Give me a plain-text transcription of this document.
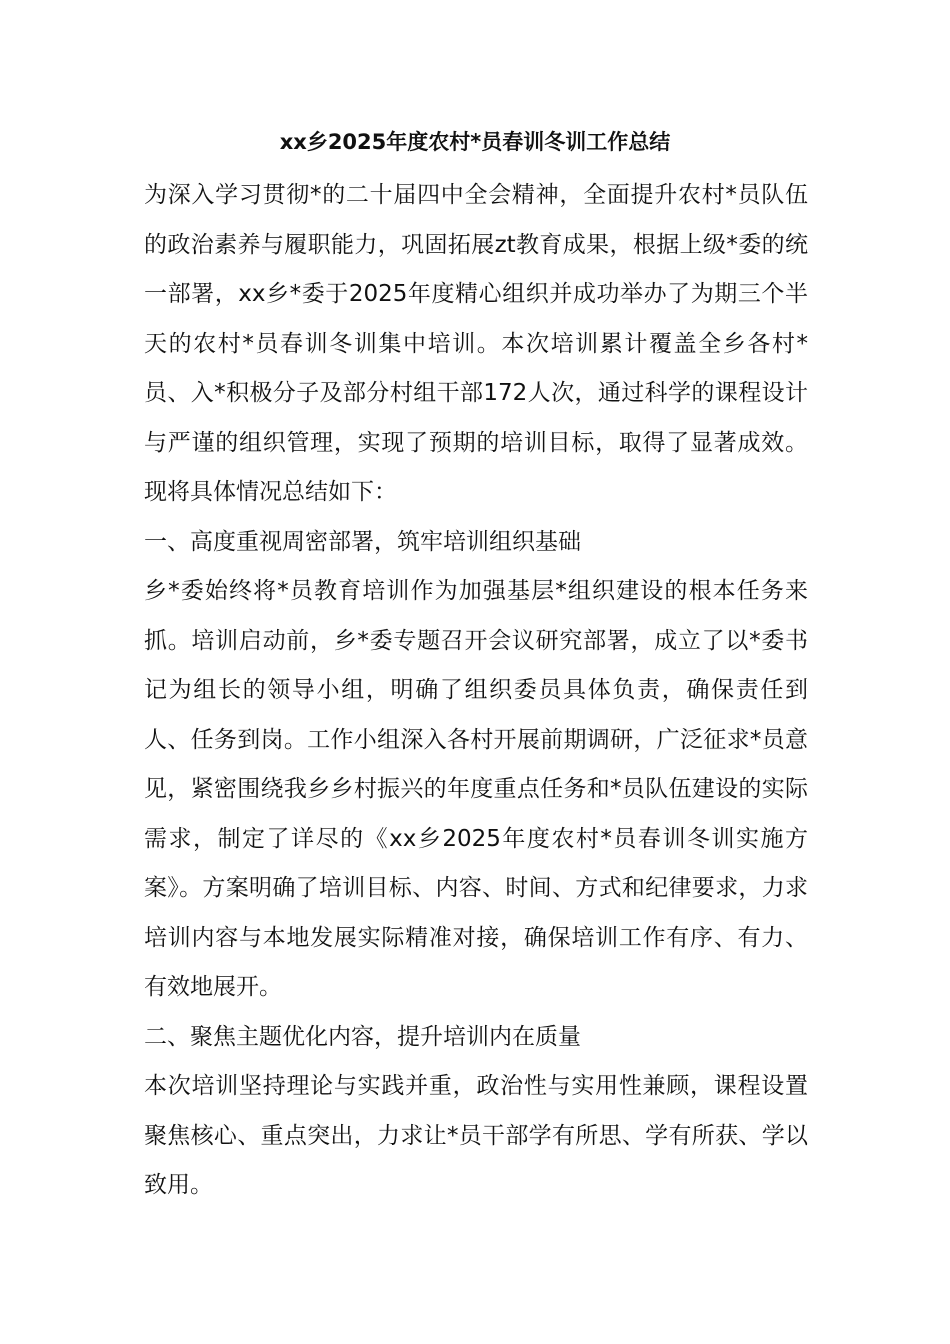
xx乡2025年度农村*员春训冬训工作总结

为深入学习贯彻*的二十届四中全会精神，全面提升农村*员队伍的政治素养与履职能力，巩固拓展zt教育成果，根据上级*委的统一部署，xx乡*委于2025年度精心组织并成功举办了为期三个半天的农村*员春训冬训集中培训。本次培训累计覆盖全乡各村*员、入*积极分子及部分村组干部172人次，通过科学的课程设计与严谨的组织管理，实现了预期的培训目标，取得了显著成效。现将具体情况总结如下：

一、高度重视周密部署，筑牢培训组织基础

乡*委始终将*员教育培训作为加强基层*组织建设的根本任务来抓。培训启动前，乡*委专题召开会议研究部署，成立了以*委书记为组长的领导小组，明确了组织委员具体负责，确保责任到人、任务到岗。工作小组深入各村开展前期调研，广泛征求*员意见，紧密围绕我乡乡村振兴的年度重点任务和*员队伍建设的实际需求，制定了详尽的《xx乡2025年度农村*员春训冬训实施方案》。方案明确了培训目标、内容、时间、方式和纪律要求，力求培训内容与本地发展实际精准对接，确保培训工作有序、有力、有效地展开。

二、聚焦主题优化内容，提升培训内在质量

本次培训坚持理论与实践并重，政治性与实用性兼顾，课程设置聚焦核心、重点突出，力求让*员干部学有所思、学有所获、学以致用。
